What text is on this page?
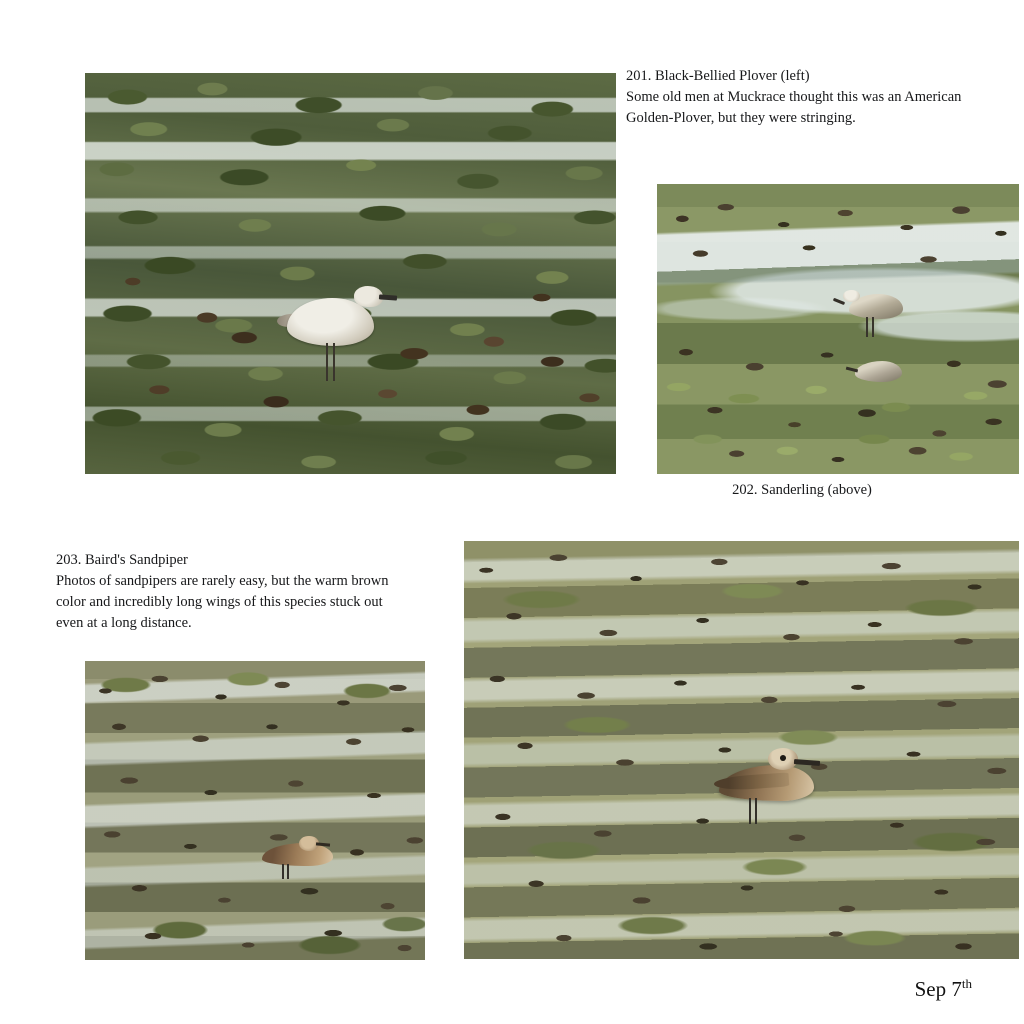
201. Black-Bellied Plover (left)
Some old men at Muckrace thought this was an American Golden-Plover, but they were stringing.
202. Sanderling (above)
203. Baird's Sandpiper
Photos of sandpipers are rarely easy, but the warm brown color and incredibly long wings of this species stuck out even at a long distance.
Sep 7th
